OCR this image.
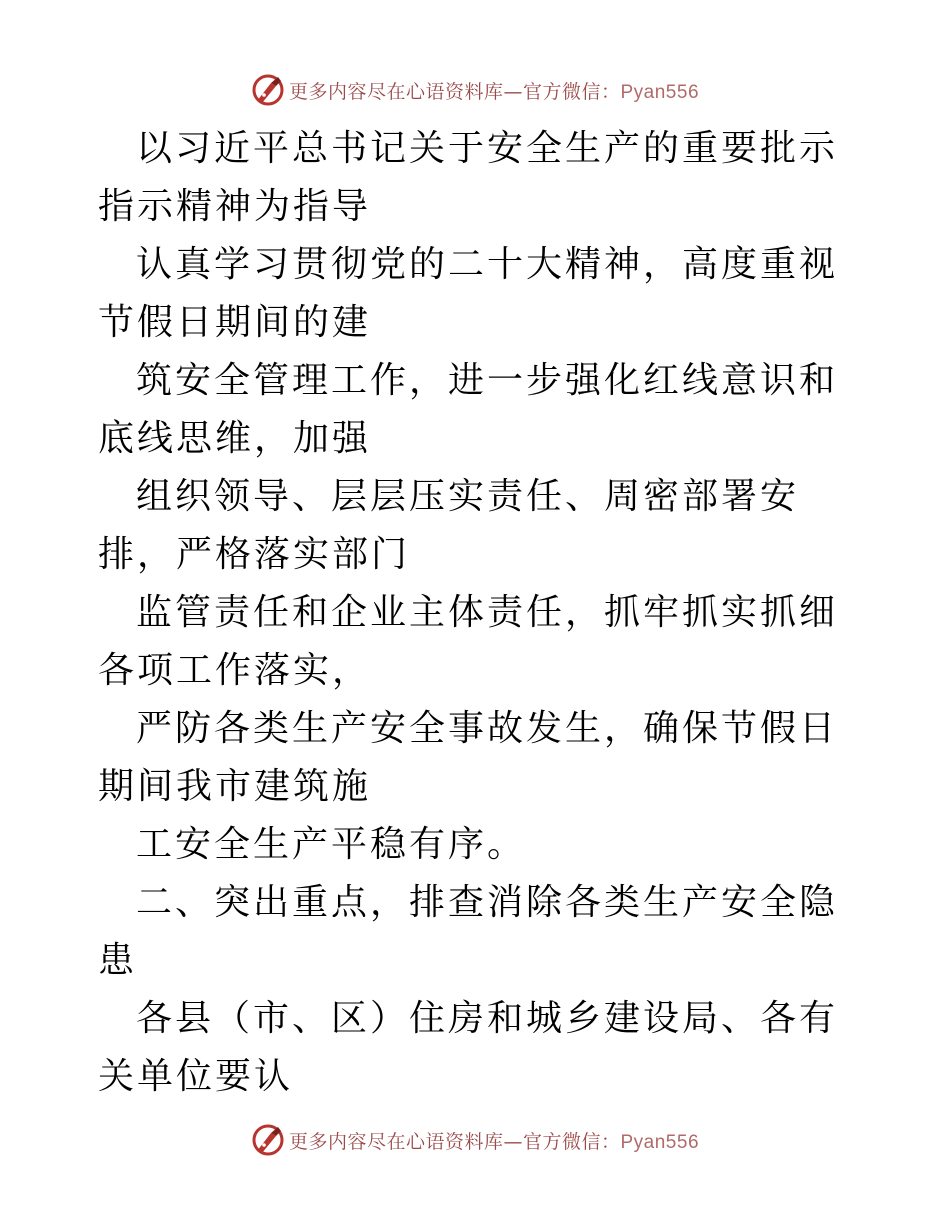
更多内容尽在心语资料库—官方微信：Pyan556

以习近平总书记关于安全生产的重要批示指示精神为指导

认真学习贯彻党的二十大精神，高度重视节假日期间的建

筑安全管理工作，进一步强化红线意识和底线思维，加强

组织领导、层层压实责任、周密部署安排，严格落实部门

监管责任和企业主体责任，抓牢抓实抓细各项工作落实，

严防各类生产安全事故发生，确保节假日期间我市建筑施

工安全生产平稳有序。

二、突出重点，排查消除各类生产安全隐患

各县（市、区）住房和城乡建设局、各有关单位要认

更多内容尽在心语资料库—官方微信：Pyan556
